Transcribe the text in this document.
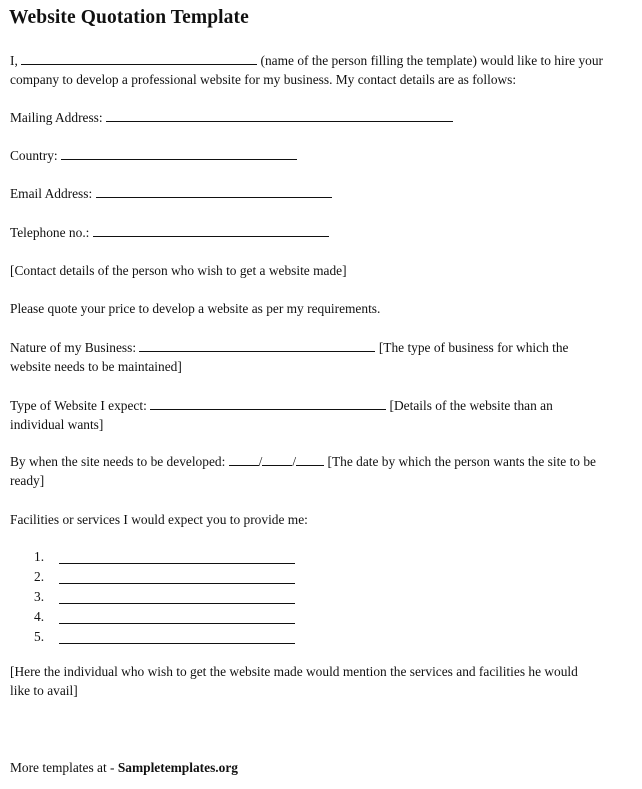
Website Quotation Template
I,	(name of the person filling the template) would like to hire your
company to develop a professional website for my business. My contact details are as follows:
Mailing Address:
Country:
Email Address:
Telephone no.:
[Contact details of the person who wish to get a website made]
Please quote your price to develop a website as per my requirements.
Nature of my Business:	[The type of business for which the
website needs to be maintained]
Type of Website I expect:	[Details of the website than an
individual wants]
By when the site needs to be developed: / / [The date by which the person wants the site to be
ready]
Facilities or services I would expect you to provide me:
1.
2.
3.
4.
5.
[Here the individual who wish to get the website made would mention the services and facilities he would
like to avail]
More templates at - Sampletemplates.org
